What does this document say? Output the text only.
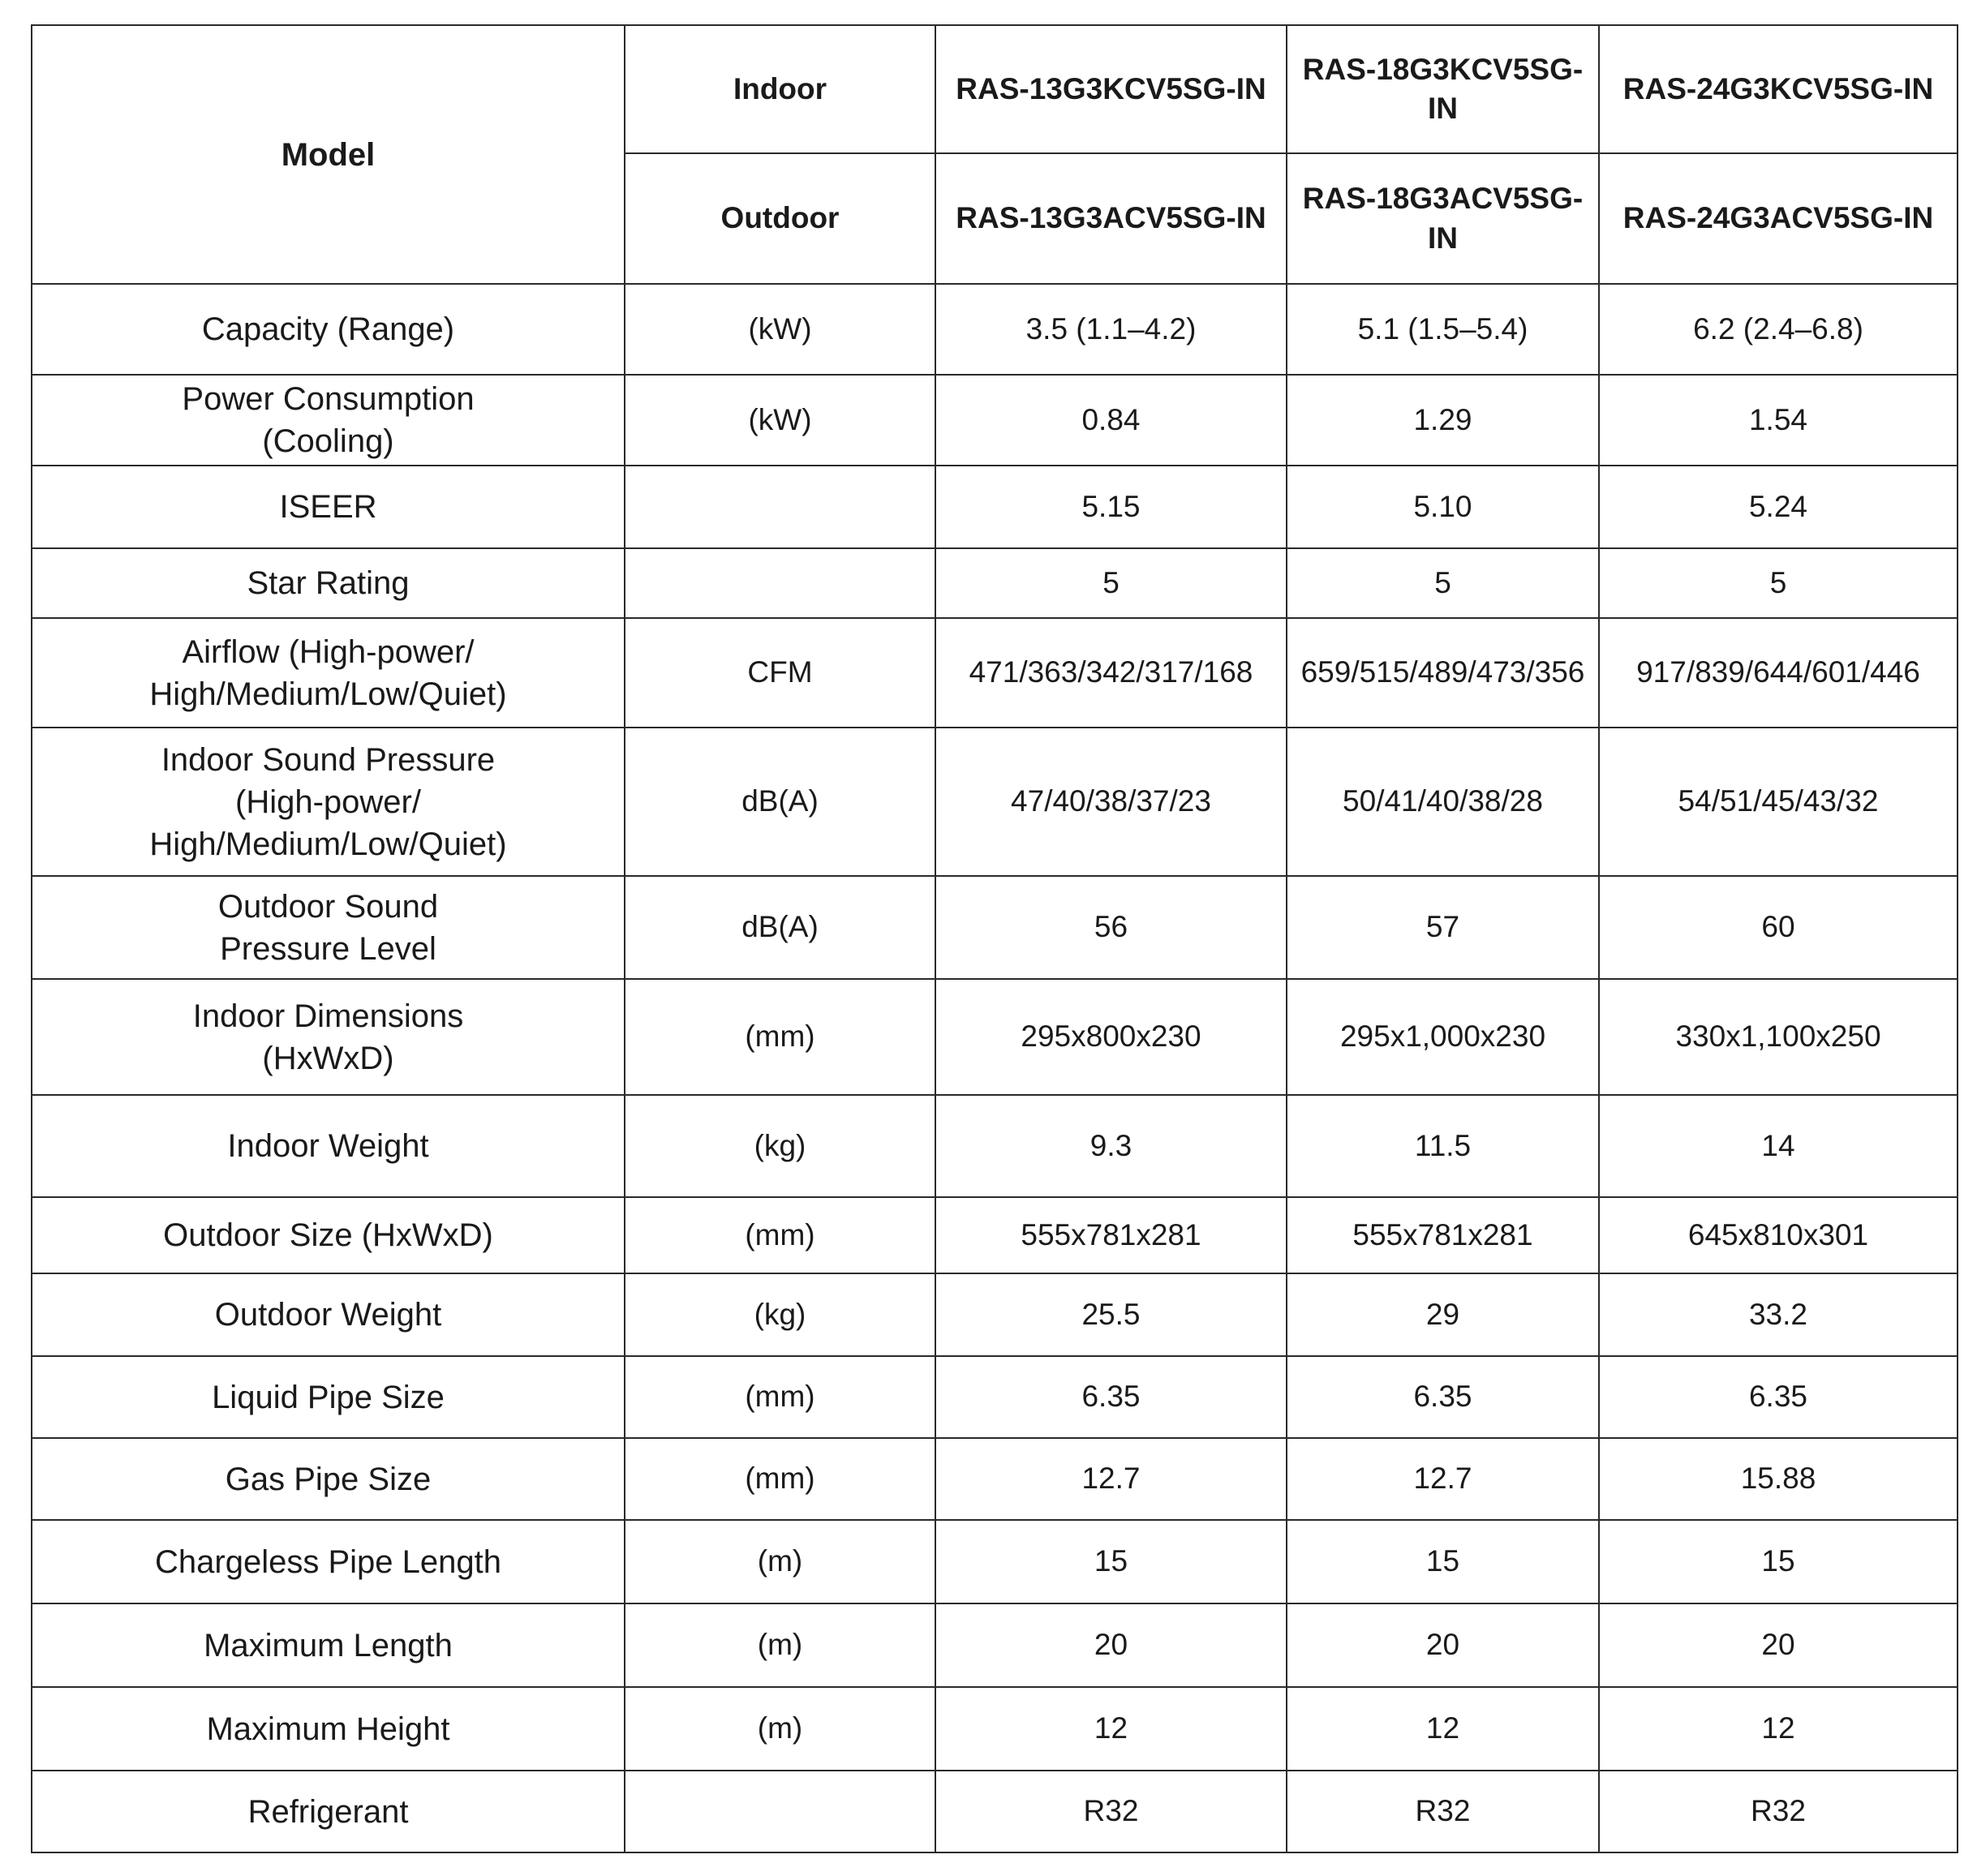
Model	Indoor	RAS-13G3KCV5SG-IN	RAS-18G3KCV5SG-IN	RAS-24G3KCV5SG-IN
	Outdoor	RAS-13G3ACV5SG-IN	RAS-18G3ACV5SG-IN	RAS-24G3ACV5SG-IN

Capacity (Range)	(kW)	3.5 (1.1–4.2)	5.1 (1.5–5.4)	6.2 (2.4–6.8)

Power Consumption
(Cooling)	(kW)	0.84	1.29	1.54

ISEER		5.15	5.10	5.24

Star Rating		5	5	5

Airflow (High-power/
High/Medium/Low/Quiet)	CFM	471/363/342/317/168	659/515/489/473/356	917/839/644/601/446

Indoor Sound Pressure
(High-power/
High/Medium/Low/Quiet)	dB(A)	47/40/38/37/23	50/41/40/38/28	54/51/45/43/32

Outdoor Sound
Pressure Level	dB(A)	56	57	60

Indoor Dimensions
(HxWxD)	(mm)	295x800x230	295x1,000x230	330x1,100x250

Indoor Weight	(kg)	9.3	11.5	14

Outdoor Size (HxWxD)	(mm)	555x781x281	555x781x281	645x810x301

Outdoor Weight	(kg)	25.5	29	33.2

Liquid Pipe Size	(mm)	6.35	6.35	6.35

Gas Pipe Size	(mm)	12.7	12.7	15.88

Chargeless Pipe Length	(m)	15	15	15

Maximum Length	(m)	20	20	20

Maximum Height	(m)	12	12	12

Refrigerant		R32	R32	R32
